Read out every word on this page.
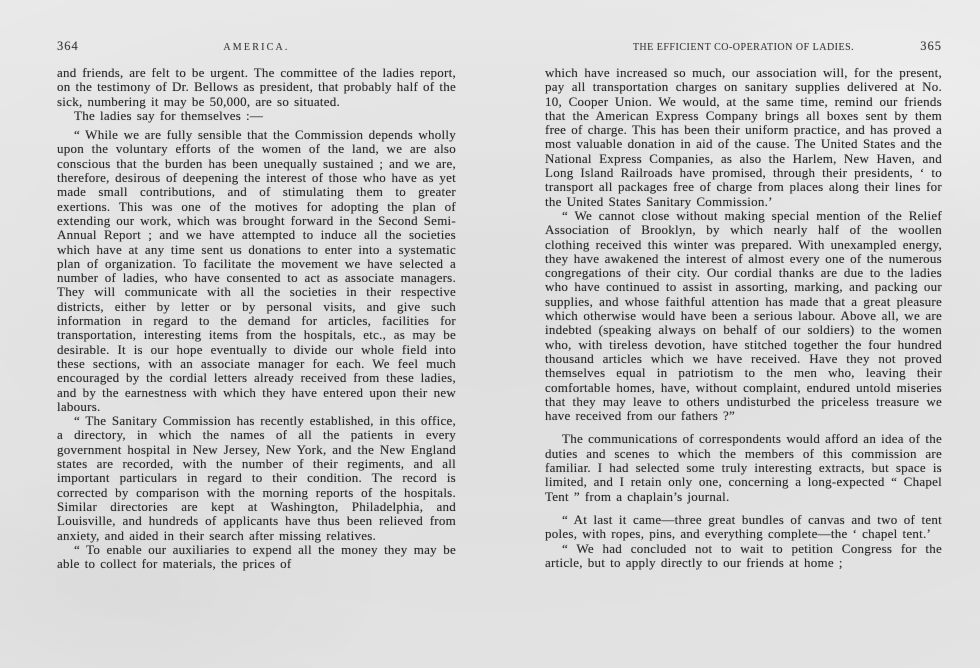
364	AMERICA.

and friends, are felt to be urgent. The committee of the ladies report, on the testimony of Dr. Bellows as president, that probably half of the sick, numbering it may be 50,000, are so situated.

The ladies say for themselves :—

“ While we are fully sensible that the Commission depends wholly upon the voluntary efforts of the women of the land, we are also conscious that the burden has been unequally sustained ; and we are, therefore, desirous of deepening the interest of those who have as yet made small contributions, and of stimulating them to greater exertions. This was one of the motives for adopting the plan of extending our work, which was brought forward in the Second Semi-Annual Report ; and we have attempted to induce all the societies which have at any time sent us donations to enter into a systematic plan of organization. To facilitate the movement we have selected a number of ladies, who have consented to act as associate managers. They will communicate with all the societies in their respective districts, either by letter or by personal visits, and give such information in regard to the demand for articles, facilities for transportation, interesting items from the hospitals, etc., as may be desirable. It is our hope eventually to divide our whole field into these sections, with an associate manager for each. We feel much encouraged by the cordial letters already received from these ladies, and by the earnestness with which they have entered upon their new labours.

“ The Sanitary Commission has recently established, in this office, a directory, in which the names of all the patients in every government hospital in New Jersey, New York, and the New England states are recorded, with the number of their regiments, and all important particulars in regard to their condition. The record is corrected by comparison with the morning reports of the hospitals. Similar directories are kept at Washington, Philadelphia, and Louisville, and hundreds of applicants have thus been relieved from anxiety, and aided in their search after missing relatives.

“ To enable our auxiliaries to expend all the money they may be able to collect for materials, the prices of

THE EFFICIENT CO-OPERATION OF LADIES.	365

which have increased so much, our association will, for the present, pay all transportation charges on sanitary supplies delivered at No. 10, Cooper Union. We would, at the same time, remind our friends that the American Express Company brings all boxes sent by them free of charge. This has been their uniform practice, and has proved a most valuable donation in aid of the cause. The United States and the National Express Companies, as also the Harlem, New Haven, and Long Island Railroads have promised, through their presidents, ‘ to transport all packages free of charge from places along their lines for the United States Sanitary Commission.’

“ We cannot close without making special mention of the Relief Association of Brooklyn, by which nearly half of the woollen clothing received this winter was prepared. With unexampled energy, they have awakened the interest of almost every one of the numerous congregations of their city. Our cordial thanks are due to the ladies who have continued to assist in assorting, marking, and packing our supplies, and whose faithful attention has made that a great pleasure which otherwise would have been a serious labour. Above all, we are indebted (speaking always on behalf of our soldiers) to the women who, with tireless devotion, have stitched together the four hundred thousand articles which we have received. Have they not proved themselves equal in patriotism to the men who, leaving their comfortable homes, have, without complaint, endured untold miseries that they may leave to others undisturbed the priceless treasure we have received from our fathers ?”

The communications of correspondents would afford an idea of the duties and scenes to which the members of this commission are familiar. I had selected some truly interesting extracts, but space is limited, and I retain only one, concerning a long-expected “ Chapel Tent ” from a chaplain’s journal.

“ At last it came—three great bundles of canvas and two of tent poles, with ropes, pins, and everything complete—the ‘ chapel tent.’

“ We had concluded not to wait to petition Congress for the article, but to apply directly to our friends at home ;
